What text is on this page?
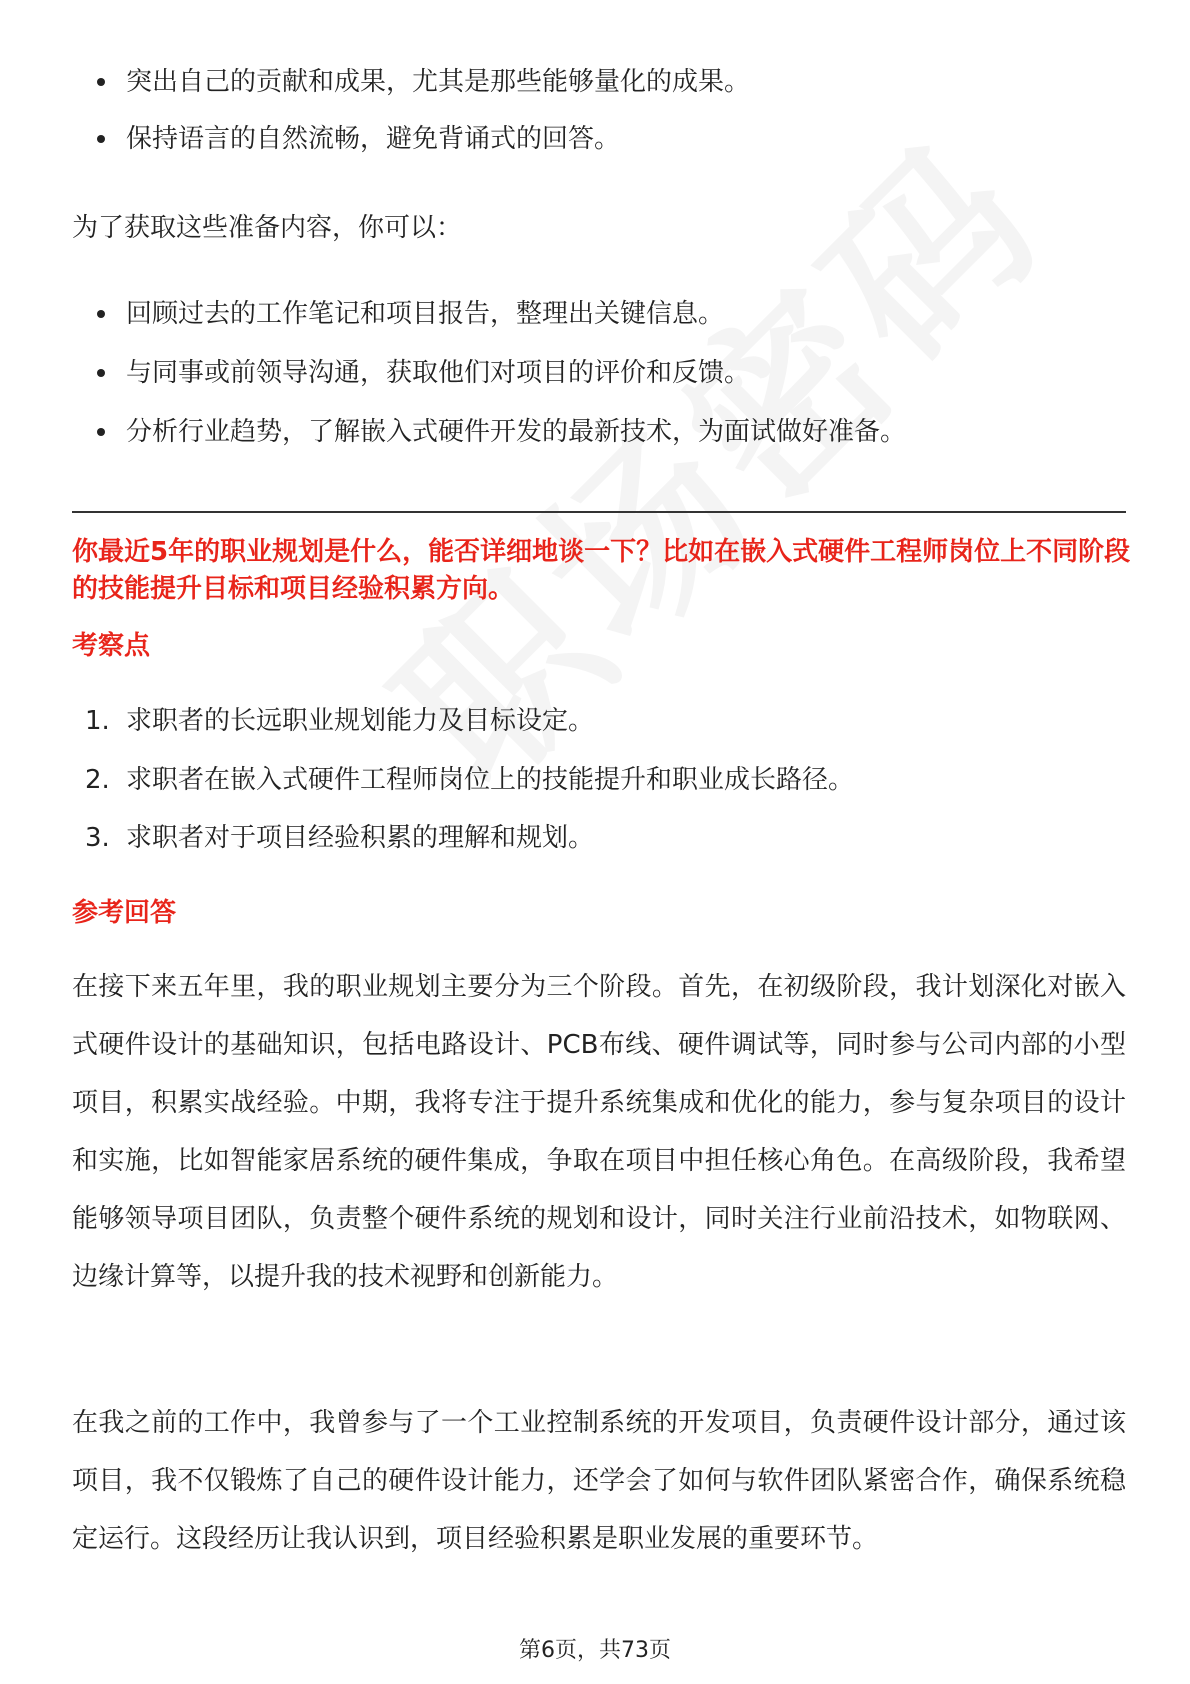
突出自己的贡献和成果，尤其是那些能够量化的成果。
保持语言的自然流畅，避免背诵式的回答。
为了获取这些准备内容，你可以：
回顾过去的工作笔记和项目报告，整理出关键信息。
与同事或前领导沟通，获取他们对项目的评价和反馈。
分析行业趋势，了解嵌入式硬件开发的最新技术，为面试做好准备。
你最近5年的职业规划是什么，能否详细地谈一下？比如在嵌入式硬件工程师岗位上不同阶段的技能提升目标和项目经验积累方向。
考察点
1. 求职者的长远职业规划能力及目标设定。
2. 求职者在嵌入式硬件工程师岗位上的技能提升和职业成长路径。
3. 求职者对于项目经验积累的理解和规划。
参考回答
在接下来五年里，我的职业规划主要分为三个阶段。首先，在初级阶段，我计划深化对嵌入式硬件设计的基础知识，包括电路设计、PCB布线、硬件调试等，同时参与公司内部的小型项目，积累实战经验。中期，我将专注于提升系统集成和优化的能力，参与复杂项目的设计和实施，比如智能家居系统的硬件集成，争取在项目中担任核心角色。在高级阶段，我希望能够领导项目团队，负责整个硬件系统的规划和设计，同时关注行业前沿技术，如物联网、边缘计算等，以提升我的技术视野和创新能力。
在我之前的工作中，我曾参与了一个工业控制系统的开发项目，负责硬件设计部分，通过该项目，我不仅锻炼了自己的硬件设计能力，还学会了如何与软件团队紧密合作，确保系统稳定运行。这段经历让我认识到，项目经验积累是职业发展的重要环节。
第6页，共73页
